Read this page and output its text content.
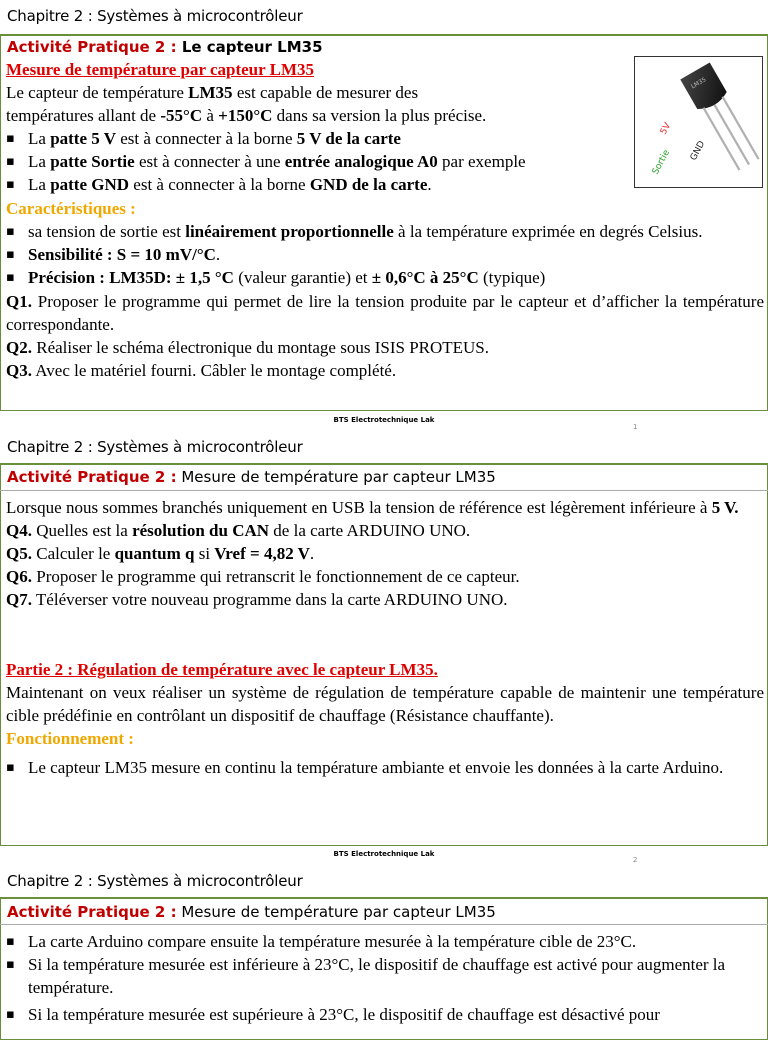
Chapitre 2 : Systèmes à microcontrôleur
Activité Pratique 2 : Le capteur LM35
Mesure de température par capteur LM35
Le capteur de température LM35 est capable de mesurer des
températures allant de -55°C à +150°C dans sa version la plus précise.
▪ La patte 5 V est à connecter à la borne 5 V de la carte
▪ La patte Sortie est à connecter à une entrée analogique A0 par exemple
▪ La patte GND est à connecter à la borne GND de la carte.
Caractéristiques :
▪ sa tension de sortie est linéairement proportionnelle à la température exprimée en degrés Celsius.
▪ Sensibilité : S = 10 mV/°C.
▪ Précision : LM35D: ± 1,5 °C (valeur garantie) et ± 0,6°C à 25°C (typique)
Q1. Proposer le programme qui permet de lire la tension produite par le capteur et d’afficher la température correspondante.
Q2. Réaliser le schéma électronique du montage sous ISIS PROTEUS.
Q3. Avec le matériel fourni. Câbler le montage complété.
LM35
5V
Sortie GND
BTS Electrotechnique Lak
1
Chapitre 2 : Systèmes à microcontrôleur
Activité Pratique 2 : Mesure de température par capteur LM35
Lorsque nous sommes branchés uniquement en USB la tension de référence est légèrement inférieure à 5 V.
Q4. Quelles est la résolution du CAN de la carte ARDUINO UNO.
Q5. Calculer le quantum q si Vref = 4,82 V.
Q6. Proposer le programme qui retranscrit le fonctionnement de ce capteur.
Q7. Téléverser votre nouveau programme dans la carte ARDUINO UNO.
Partie 2 : Régulation de température avec le capteur LM35.
Maintenant on veux réaliser un système de régulation de température capable de maintenir une température cible prédéfinie en contrôlant un dispositif de chauffage (Résistance chauffante).
Fonctionnement :
▪ Le capteur LM35 mesure en continu la température ambiante et envoie les données à la carte Arduino.
BTS Electrotechnique Lak
2
Chapitre 2 : Systèmes à microcontrôleur
Activité Pratique 2 : Mesure de température par capteur LM35
▪ La carte Arduino compare ensuite la température mesurée à la température cible de 23°C.
▪ Si la température mesurée est inférieure à 23°C, le dispositif de chauffage est activé pour augmenter la température.
▪ Si la température mesurée est supérieure à 23°C, le dispositif de chauffage est désactivé pour
